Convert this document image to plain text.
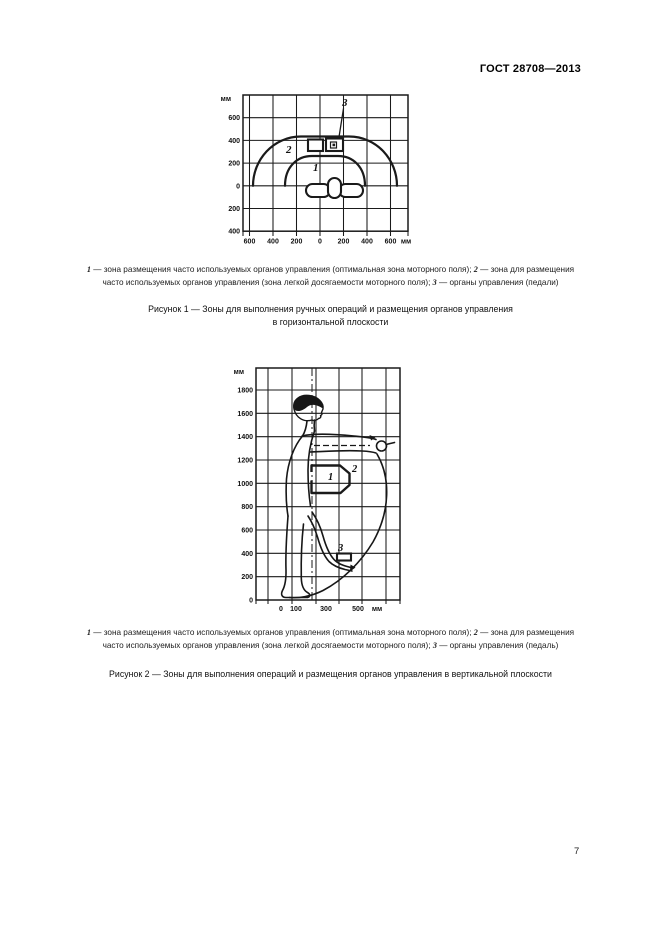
ГОСТ 28708—2013
мм
600
400
200
0
200
400
600 400 200 0 200 400 600 мм
2
1
3
1 — зона размещения часто используемых органов управления (оптимальная зона моторного поля); 2 — зона для размещения
часто используемых органов управления (зона легкой досягаемости моторного поля); 3 — органы управления (педали)
Рисунок 1 — Зоны для выполнения ручных операций и размещения органов управления
в горизонтальной плоскости
мм
1800
1600
1400
1200
1000
800
600
400
200
0
0 100	300	500 мм
1
2
3
1 — зона размещения часто используемых органов управления (оптимальная зона моторного поля); 2 — зона для размещения
часто используемых органов управления (зона легкой досягаемости моторного поля); 3 — органы управления (педаль)
Рисунок 2 — Зоны для выполнения операций и размещения органов управления в вертикальной плоскости
7
